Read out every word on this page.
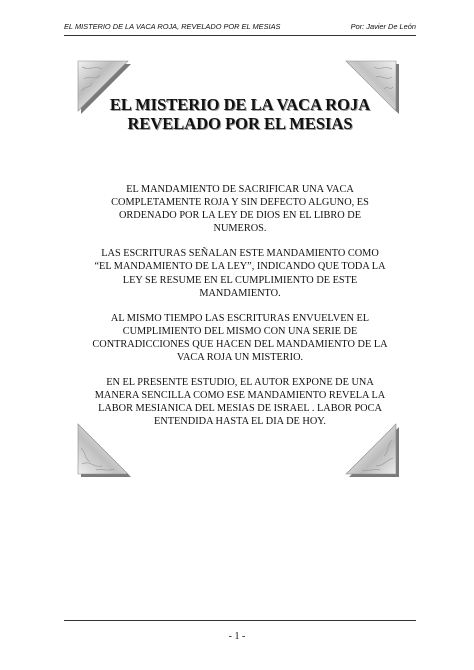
EL MISTERIO DE LA VACA ROJA, REVELADO POR EL MESIAS	Por: Javier De León
EL MISTERIO DE LA VACA ROJA
REVELADO POR EL MESIAS

EL MANDAMIENTO DE SACRIFICAR UNA VACA COMPLETAMENTE ROJA Y SIN DEFECTO ALGUNO, ES ORDENADO POR LA LEY DE DIOS EN EL LIBRO DE NUMEROS.

LAS ESCRITURAS SEÑALAN ESTE MANDAMIENTO COMO “EL MANDAMIENTO DE LA LEY”, INDICANDO QUE TODA LA LEY SE RESUME EN EL CUMPLIMIENTO DE ESTE MANDAMIENTO.

AL MISMO TIEMPO LAS ESCRITURAS ENVUELVEN EL CUMPLIMIENTO DEL MISMO CON UNA SERIE DE CONTRADICCIONES QUE HACEN DEL MANDAMIENTO DE LA VACA ROJA UN MISTERIO.

EN EL PRESENTE ESTUDIO, EL AUTOR EXPONE DE UNA MANERA SENCILLA COMO ESE MANDAMIENTO REVELA LA LABOR MESIANICA DEL MESIAS DE ISRAEL . LABOR POCA ENTENDIDA HASTA EL DIA DE HOY.

- 1 -
